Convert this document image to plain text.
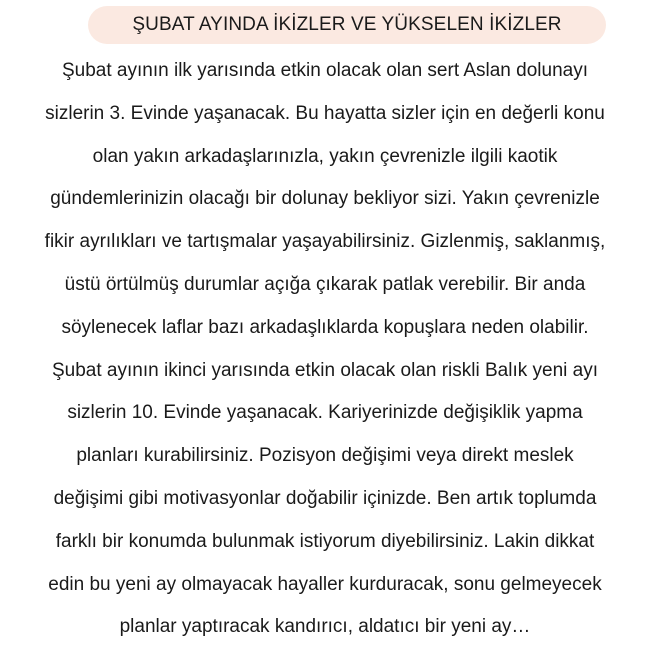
ŞUBAT AYINDA İKİZLER VE YÜKSELEN İKİZLER
Şubat ayının ilk yarısında etkin olacak olan sert Aslan dolunayı
sizlerin 3. Evinde yaşanacak. Bu hayatta sizler için en değerli konu
olan yakın arkadaşlarınızla, yakın çevrenizle ilgili kaotik
gündemlerinizin olacağı bir dolunay bekliyor sizi. Yakın çevrenizle
fikir ayrılıkları ve tartışmalar yaşayabilirsiniz. Gizlenmiş, saklanmış,
üstü örtülmüş durumlar açığa çıkarak patlak verebilir. Bir anda
söylenecek laflar bazı arkadaşlıklarda kopuşlara neden olabilir.
Şubat ayının ikinci yarısında etkin olacak olan riskli Balık yeni ayı
sizlerin 10. Evinde yaşanacak. Kariyerinizde değişiklik yapma
planları kurabilirsiniz. Pozisyon değişimi veya direkt meslek
değişimi gibi motivasyonlar doğabilir içinizde. Ben artık toplumda
farklı bir konumda bulunmak istiyorum diyebilirsiniz. Lakin dikkat
edin bu yeni ay olmayacak hayaller kurduracak, sonu gelmeyecek
planlar yaptıracak kandırıcı, aldatıcı bir yeni ay…
